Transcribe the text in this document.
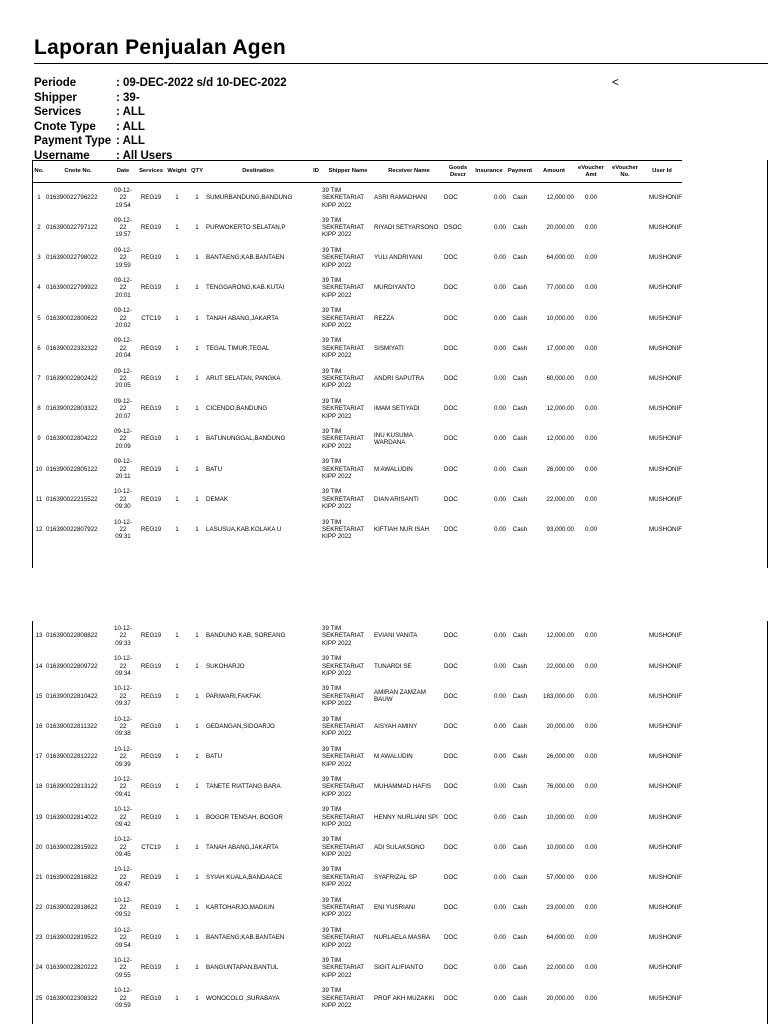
Laporan Penjualan Agen
Periode	: 09-DEC-2022 s/d 10-DEC-2022
Shipper	: 39-
Services	: ALL
Cnote Type	: ALL
Payment Type : ALL
Username	: All Users
<
No.	Cnote No.	Date	Services	Weight	QTY	Destination	ID	Shipper Name	Receiver Name	Goods Descr	Insurance	Payment	Amount	eVoucher Amt	eVoucher No.	User Id
1	016390022796222	09-12-
22
19:54	REG19	1	1	SUMURBANDUNG,BANDUNG		39 TIM
SEKRETARIAT
KIPP 2022	ASRI RAMADHANI	DOC	0.00	Cash	12,000.00	0.00		MUSHONIF
2	016390022797122	09-12-
22
19:57	REG19	1	1	PURWOKERTO SELATAN,P		39 TIM
SEKRETARIAT
KIPP 2022	RIYADI SETYARSONO	DSOC	0.00	Cash	20,000.00	0.00		MUSHONIF
3	016390022798022	09-12-
22
19:59	REG19	1	1	BANTAENG,KAB.BANTAEN		39 TIM
SEKRETARIAT
KIPP 2022	YULI ANDRIYANI	DOC	0.00	Cash	64,000.00	0.00		MUSHONIF
4	016390022799922	09-12-
22
20:01	REG19	1	1	TENGGARONG,KAB.KUTAI		39 TIM
SEKRETARIAT
KIPP 2022	MURDIYANTO	DOC	0.00	Cash	77,000.00	0.00		MUSHONIF
5	016390022800622	09-12-
22
20:02	CTC19	1	1	TANAH ABANG,JAKARTA		39 TIM
SEKRETARIAT
KIPP 2022	REZZA	DOC	0.00	Cash	10,000.00	0.00		MUSHONIF
6	016390022332322	09-12-
22
20:04	REG19	1	1	TEGAL TIMUR,TEGAL		39 TIM
SEKRETARIAT
KIPP 2022	SISMIYATI	DOC	0.00	Cash	17,000.00	0.00		MUSHONIF
7	016390022802422	09-12-
22
20:05	REG19	1	1	ARUT SELATAN, PANGKA		39 TIM
SEKRETARIAT
KIPP 2022	ANDRI SAPUTRA	DOC	0.00	Cash	60,000.00	0.00		MUSHONIF
8	016390022803322	09-12-
22
20:07	REG19	1	1	CICENDO,BANDUNG		39 TIM
SEKRETARIAT
KIPP 2022	IMAM SETIYADI	DOC	0.00	Cash	12,000.00	0.00		MUSHONIF
9	016390022804222	09-12-
22
20:09	REG19	1	1	BATUNUNGGAL,BANDUNG		39 TIM
SEKRETARIAT
KIPP 2022	INU KUSUMA
WARDANA	DOC	0.00	Cash	12,000.00	0.00		MUSHONIF
10	016390022805122	09-12-
22
20:11	REG19	1	1	BATU		39 TIM
SEKRETARIAT
KIPP 2022	M AWALUDIN	DOC	0.00	Cash	26,000.00	0.00		MUSHONIF
11	016390022215522	10-12-
22
09:30	REG19	1	1	DEMAK		39 TIM
SEKRETARIAT
KIPP 2022	DIAN ARISANTI	DOC	0.00	Cash	22,000.00	0.00		MUSHONIF
12	016390022807922	10-12-
22
09:31	REG19	1	1	LASUSUA,KAB.KOLAKA U		39 TIM
SEKRETARIAT
KIPP 2022	KIFTIAH NUR ISAH	DOC	0.00	Cash	93,000.00	0.00		MUSHONIF
13	016390022808822	10-12-
22
09:33	REG19	1	1	BANDUNG KAB, SOREANG		39 TIM
SEKRETARIAT
KIPP 2022	EVIANI VANITA	DOC	0.00	Cash	12,000.00	0.00		MUSHONIF
14	016390022809722	10-12-
22
09:34	REG19	1	1	SUKOHARJO		39 TIM
SEKRETARIAT
KIPP 2022	TUNARDI SE	DOC	0.00	Cash	22,000.00	0.00		MUSHONIF
15	016390022810422	10-12-
22
09:37	REG19	1	1	PARIWARI,FAKFAK		39 TIM
SEKRETARIAT
KIPP 2022	AMIRAN ZAMZAM
BAUW	DOC	0.00	Cash	183,000.00	0.00		MUSHONIF
16	016390022811322	10-12-
22
09:38	REG19	1	1	GEDANGAN,SIDOARJO		39 TIM
SEKRETARIAT
KIPP 2022	AISYAH AMINY	DOC	0.00	Cash	20,000.00	0.00		MUSHONIF
17	016390022812222	10-12-
22
09:39	REG19	1	1	BATU		39 TIM
SEKRETARIAT
KIPP 2022	M AWALUDIN	DOC	0.00	Cash	26,000.00	0.00		MUSHONIF
18	016390022813122	10-12-
22
09:41	REG19	1	1	TANETE RIATTANG BARA		39 TIM
SEKRETARIAT
KIPP 2022	MUHAMMAD HAFIS	DOC	0.00	Cash	76,000.00	0.00		MUSHONIF
19	016390022814022	10-12-
22
09:42	REG19	1	1	BOGOR TENGAH, BOGOR		39 TIM
SEKRETARIAT
KIPP 2022	HENNY NURLIANI SPI	DOC	0.00	Cash	10,000.00	0.00		MUSHONIF
20	016390022815922	10-12-
22
09:45	CTC19	1	1	TANAH ABANG,JAKARTA		39 TIM
SEKRETARIAT
KIPP 2022	ADI SULAKSONO	DOC	0.00	Cash	10,000.00	0.00		MUSHONIF
21	016390022816822	10-12-
22
09:47	REG19	1	1	SYIAH KUALA,BANDAACE		39 TIM
SEKRETARIAT
KIPP 2022	SYAFRIZAL SP	DOC	0.00	Cash	57,000.00	0.00		MUSHONIF
22	016390022818622	10-12-
22
09:52	REG19	1	1	KARTOHARJO,MADIUN		39 TIM
SEKRETARIAT
KIPP 2022	ENI YUSRIANI	DOC	0.00	Cash	23,000.00	0.00		MUSHONIF
23	016390022819522	10-12-
22
09:54	REG19	1	1	BANTAENG,KAB.BANTAEN		39 TIM
SEKRETARIAT
KIPP 2022	NURLAELA MASRA	DOC	0.00	Cash	64,000.00	0.00		MUSHONIF
24	016390022820222	10-12-
22
09:55	REG19	1	1	BANGUNTAPAN,BANTUL		39 TIM
SEKRETARIAT
KIPP 2022	SIGIT ALIFIANTO	DOC	0.00	Cash	22,000.00	0.00		MUSHONIF
25	016390022308322	10-12-
22
09:59	REG19	1	1	WONOCOLO ,SURABAYA		39 TIM
SEKRETARIAT
KIPP 2022	PROF AKH MUZAKKI	DOC	0.00	Cash	20,000.00	0.00		MUSHONIF
